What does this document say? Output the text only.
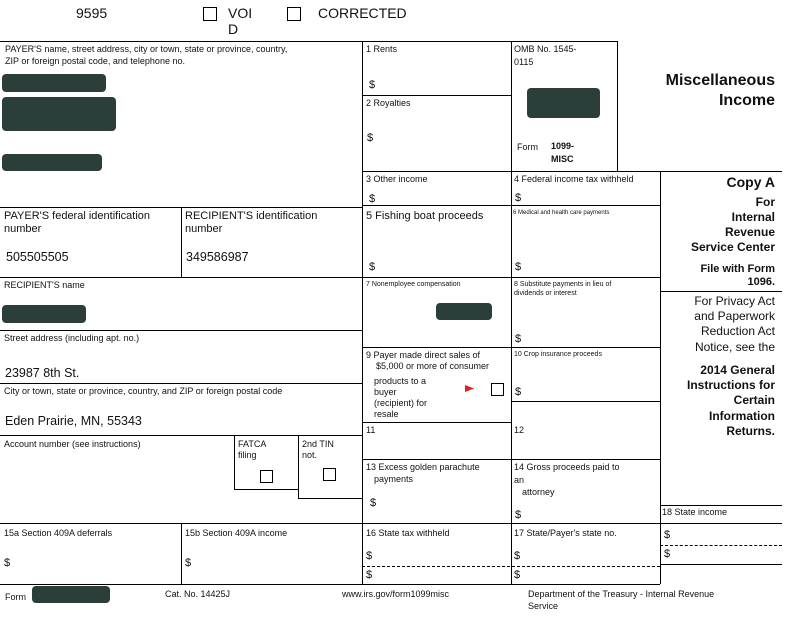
9595	VOI
D
CORRECTED
PAYER'S name, street address, city or town, state or province, country,
ZIP or foreign postal code, and telephone no.
PAYER'S federal identification
number
505505505
RECIPIENT'S identification
number
349586987
RECIPIENT'S name
Street address (including apt. no.)
23987 8th St.
City or town, state or province, country, and ZIP or foreign postal code
Eden Prairie, MN, 55343
Account number (see instructions)	FATCA
filing
2nd TIN
not.
1 Rents
$
2 Royalties
$
3 Other income
$
5 Fishing boat proceeds
$
7 Nonemployee compensation
9 Payer made direct sales of
$5,000 or more of consumer
products to a
buyer
(recipient) for
resale
11
13 Excess golden parachute
payments
$
16 State tax withheld
$
$
OMB No. 1545-
0115
Form 1099-
MISC
Miscellaneous
Income
4 Federal income tax withheld
$
6 Medical and health care payments
$
8 Substitute payments in lieu of
dividends or interest
$
10 Crop insurance proceeds
$
12
14 Gross proceeds paid to
an
attorney
$
17 State/Payer's state no.
$
$
Copy A
For
Internal
Revenue
Service Center
File with Form
1096.
For Privacy Act
and Paperwork
Reduction Act
Notice, see the
2014 General
Instructions for
Certain
Information
Returns.
18 State income
$
$
15a Section 409A deferrals
$
15b Section 409A income
$
Form	Cat. No. 14425J	www.irs.gov/form1099misc	Department of the Treasury - Internal Revenue
Service
